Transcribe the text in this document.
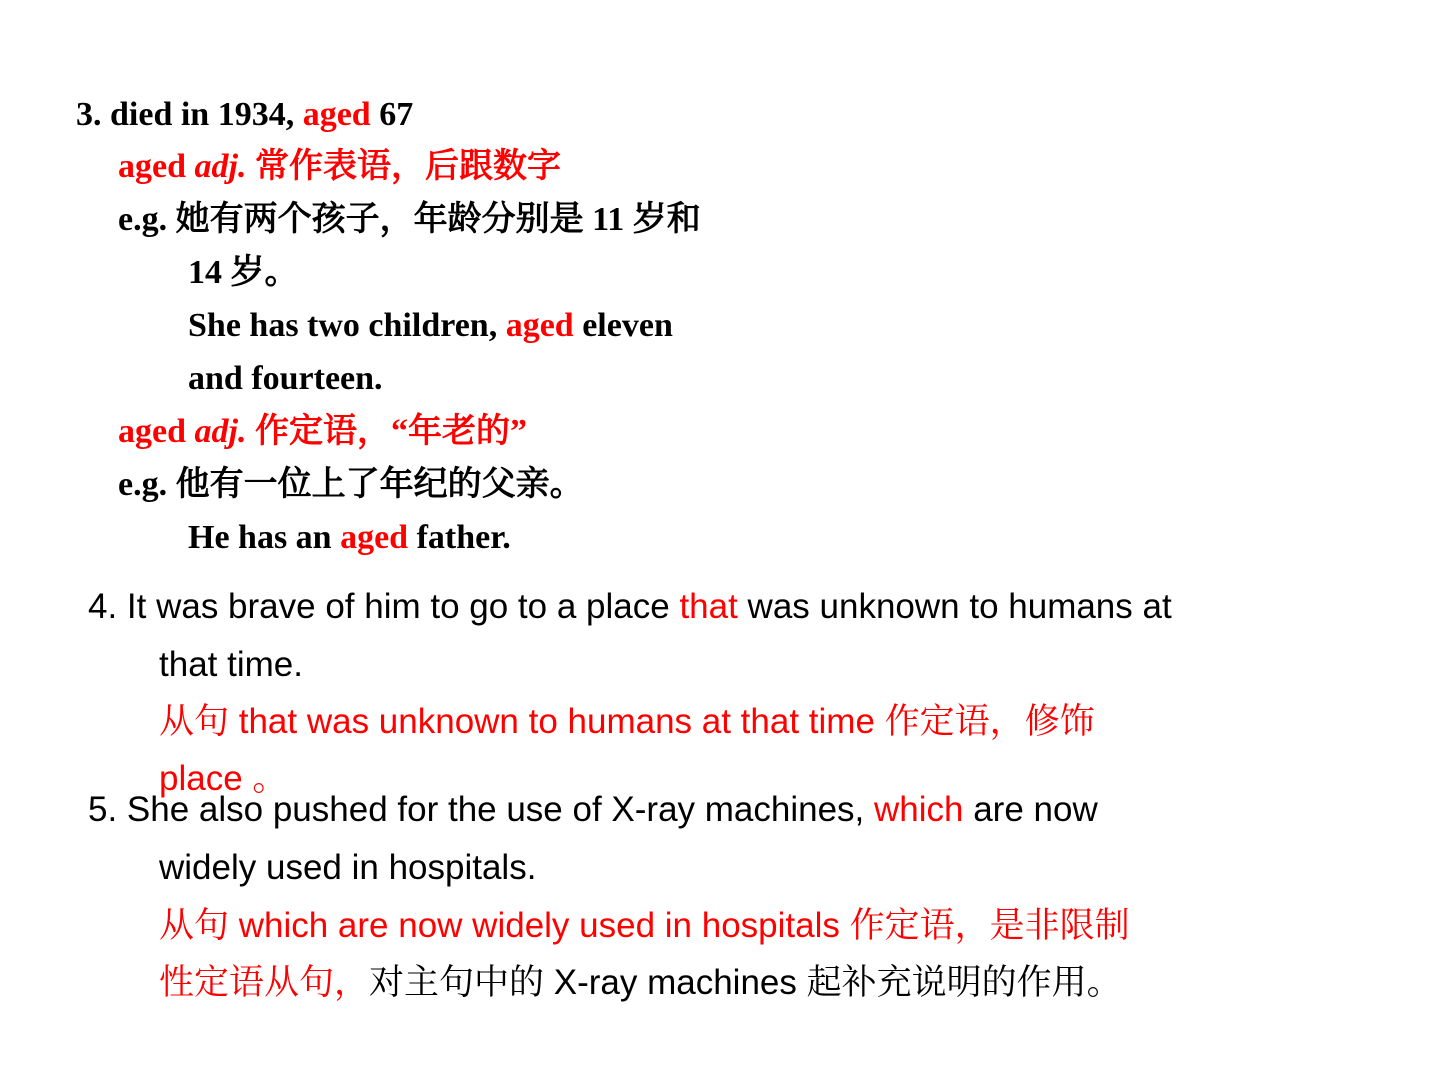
3. died in 1934, aged 67
aged adj. 常作表语，后跟数字
e.g. 她有两个孩子，年龄分别是 11 岁和
14 岁。
She has two children, aged eleven
and fourteen.
aged adj. 作定语，“年老的”
e.g. 他有一位上了年纪的父亲。
He has an aged father.
4. It was brave of him to go to a place that was unknown to humans at
that time.
从句 that was unknown to humans at that time 作定语，修饰
place 。
5. She also pushed for the use of X-ray machines, which are now
widely used in hospitals.
从句 which are now widely used in hospitals 作定语，是非限制
性定语从句，对主句中的 X-ray machines 起补充说明的作用。
